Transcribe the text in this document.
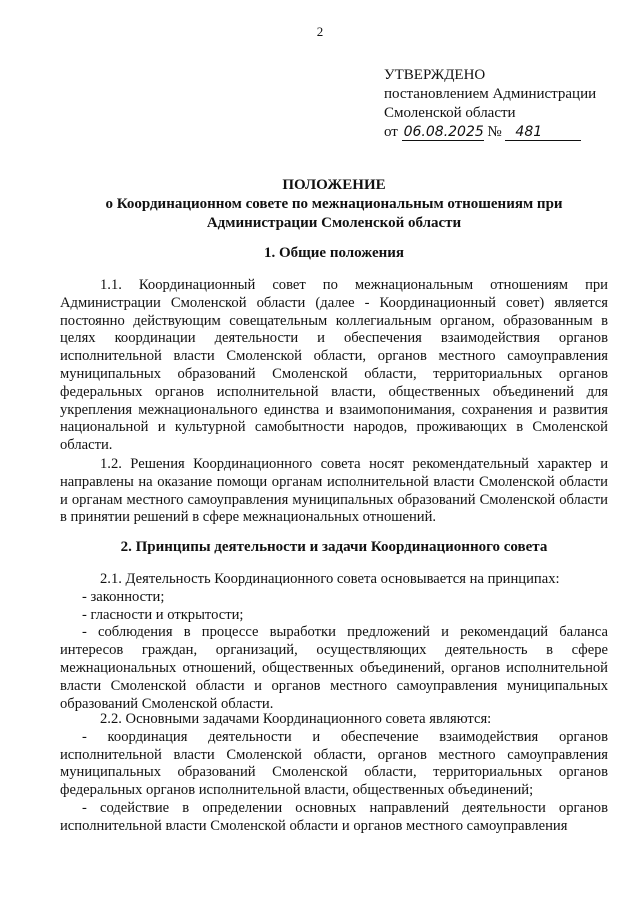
2
УТВЕРЖДЕНО
постановлением Администрации
Смоленской области
от 06.08.2025 № 481
ПОЛОЖЕНИЕ
о Координационном совете по межнациональным отношениям при
Администрации Смоленской области
1. Общие положения
1.1. Координационный совет по межнациональным отношениям при Администрации Смоленской области (далее - Координационный совет) является постоянно действующим совещательным коллегиальным органом, образованным в целях координации деятельности и обеспечения взаимодействия органов исполнительной власти Смоленской области, органов местного самоуправления муниципальных образований Смоленской области, территориальных органов федеральных органов исполнительной власти, общественных объединений для укрепления межнационального единства и взаимопонимания, сохранения и развития национальной и культурной самобытности народов, проживающих в Смоленской области.
1.2. Решения Координационного совета носят рекомендательный характер и направлены на оказание помощи органам исполнительной власти Смоленской области и органам местного самоуправления муниципальных образований Смоленской области в принятии решений в сфере межнациональных отношений.
2. Принципы деятельности и задачи Координационного совета
2.1. Деятельность Координационного совета основывается на принципах:
- законности;
- гласности и открытости;
- соблюдения в процессе выработки предложений и рекомендаций баланса интересов граждан, организаций, осуществляющих деятельность в сфере межнациональных отношений, общественных объединений, органов исполнительной власти Смоленской области и органов местного самоуправления муниципальных образований Смоленской области.
2.2. Основными задачами Координационного совета являются:
- координация деятельности и обеспечение взаимодействия органов исполнительной власти Смоленской области, органов местного самоуправления муниципальных образований Смоленской области, территориальных органов федеральных органов исполнительной власти, общественных объединений;
- содействие в определении основных направлений деятельности органов исполнительной власти Смоленской области и органов местного самоуправления
